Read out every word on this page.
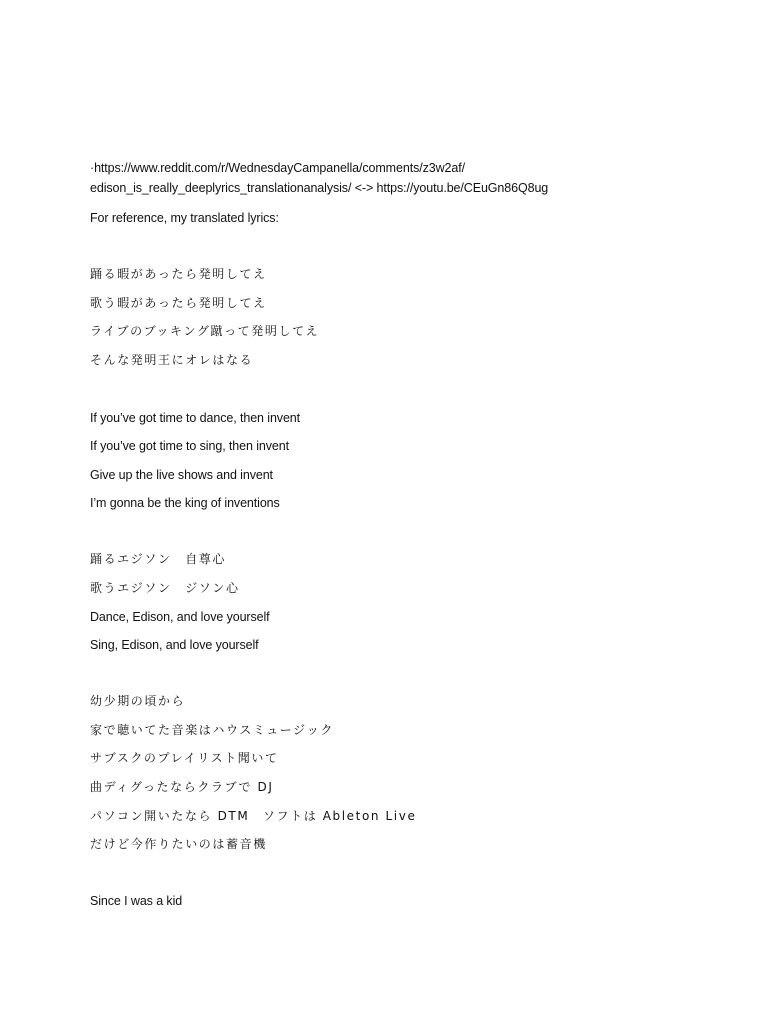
·https://www.reddit.com/r/WednesdayCampanella/comments/z3w2af/
edison_is_really_deeplyrics_translationanalysis/ <-> https://youtu.be/CEuGn86Q8ug
For reference, my translated lyrics:
踊る暇があったら発明してえ
歌う暇があったら発明してえ
ライブのブッキング蹴って発明してえ
そんな発明王にオレはなる
If you’ve got time to dance, then invent
If you’ve got time to sing, then invent
Give up the live shows and invent
I’m gonna be the king of inventions
踊るエジソン　自尊心
歌うエジソン　ジソン心
Dance, Edison, and love yourself
Sing, Edison, and love yourself
幼少期の頃から
家で聴いてた音楽はハウスミュージック
サブスクのプレイリスト聞いて
曲ディグったならクラブで DJ
パソコン開いたなら DTM　ソフトは Ableton Live
だけど今作りたいのは蓄音機
Since I was a kid
